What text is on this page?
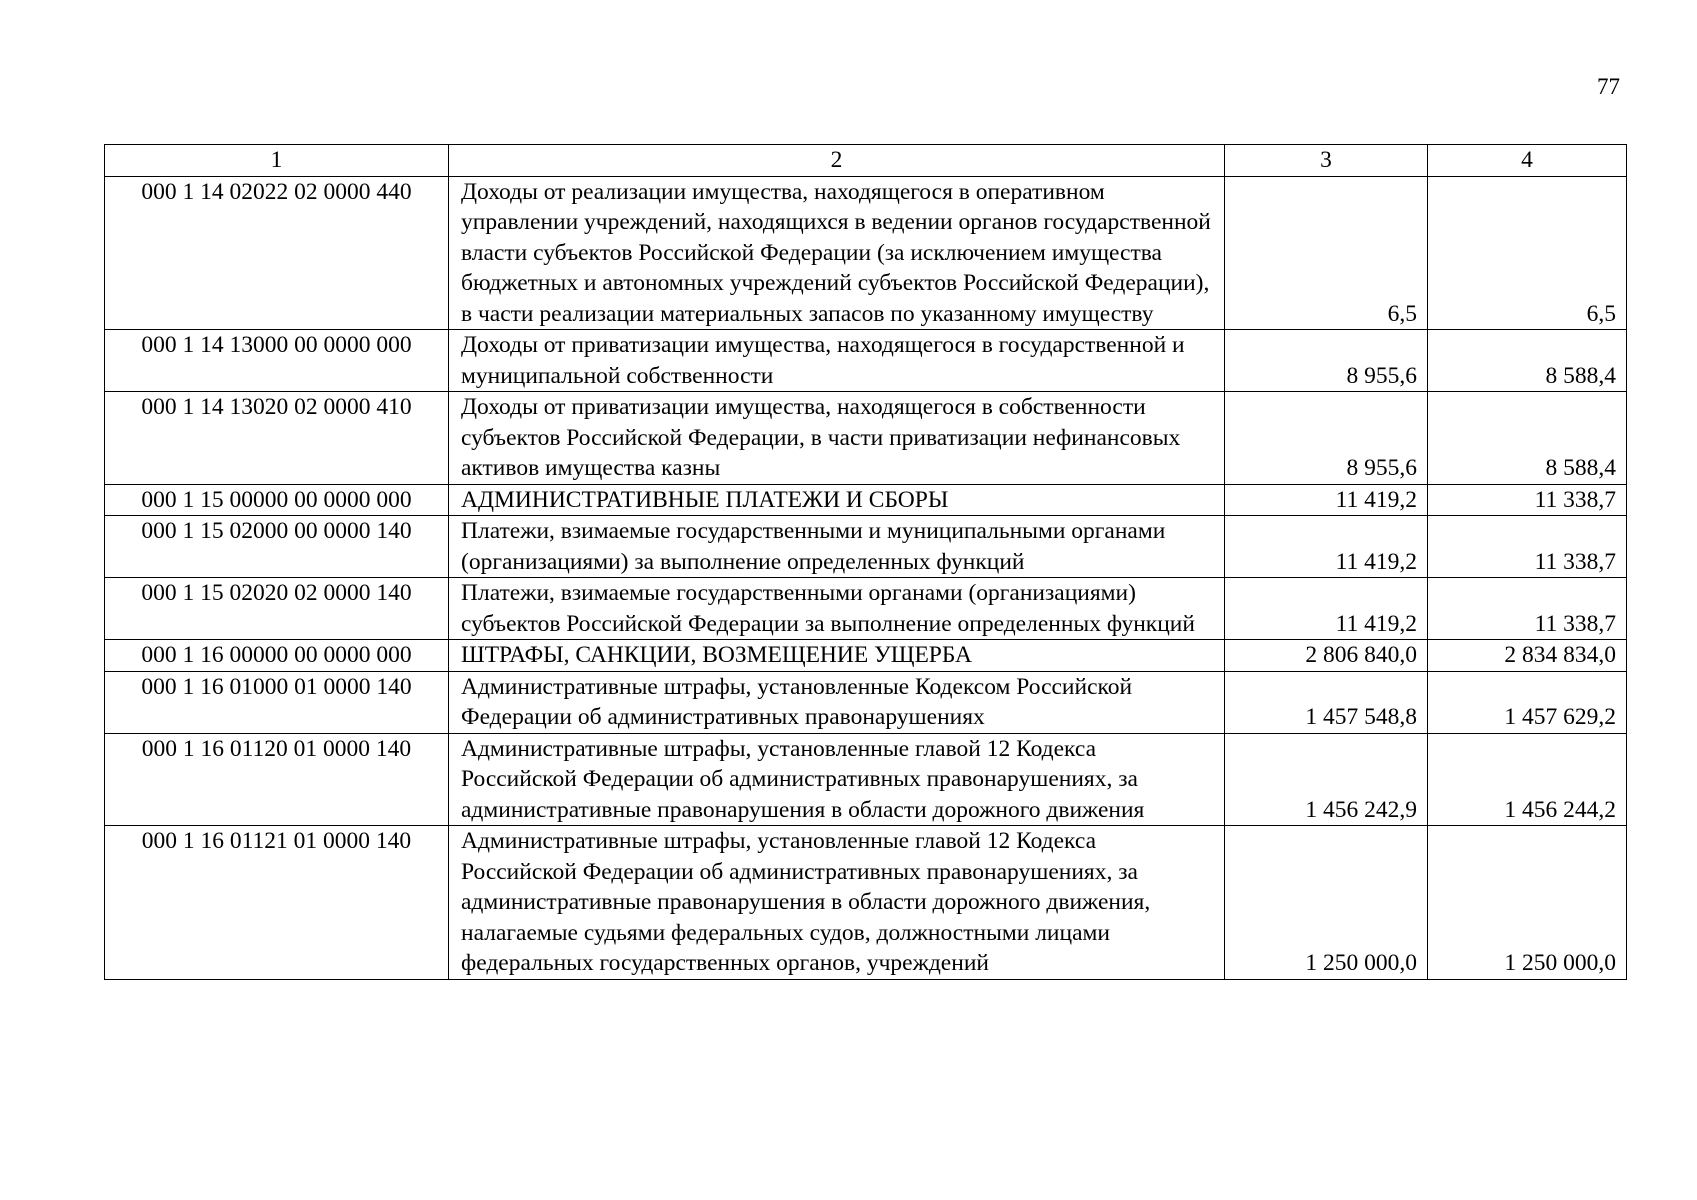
77
1	2	3	4
000 1 14 02022 02 0000 440	Доходы от реализации имущества, находящегося в оперативном управлении учреждений, находящихся в ведении органов государственной власти субъектов Российской Федерации (за исключением имущества бюджетных и автономных учреждений субъектов Российской Федерации), в части реализации материальных запасов по указанному имуществу	6,5	6,5
000 1 14 13000 00 0000 000	Доходы от приватизации имущества, находящегося в государственной и муниципальной собственности	8 955,6	8 588,4
000 1 14 13020 02 0000 410	Доходы от приватизации имущества, находящегося в собственности субъектов Российской Федерации, в части приватизации нефинансовых активов имущества казны	8 955,6	8 588,4
000 1 15 00000 00 0000 000	АДМИНИСТРАТИВНЫЕ ПЛАТЕЖИ И СБОРЫ	11 419,2	11 338,7
000 1 15 02000 00 0000 140	Платежи, взимаемые государственными и муниципальными органами (организациями) за выполнение определенных функций	11 419,2	11 338,7
000 1 15 02020 02 0000 140	Платежи, взимаемые государственными органами (организациями) субъектов Российской Федерации за выполнение определенных функций	11 419,2	11 338,7
000 1 16 00000 00 0000 000	ШТРАФЫ, САНКЦИИ, ВОЗМЕЩЕНИЕ УЩЕРБА	2 806 840,0	2 834 834,0
000 1 16 01000 01 0000 140	Административные штрафы, установленные Кодексом Российской Федерации об административных правонарушениях	1 457 548,8	1 457 629,2
000 1 16 01120 01 0000 140	Административные штрафы, установленные главой 12 Кодекса Российской Федерации об административных правонарушениях, за административные правонарушения в области дорожного движения	1 456 242,9	1 456 244,2
000 1 16 01121 01 0000 140	Административные штрафы, установленные главой 12 Кодекса Российской Федерации об административных правонарушениях, за административные правонарушения в области дорожного движения, налагаемые судьями федеральных судов, должностными лицами федеральных государственных органов, учреждений	1 250 000,0	1 250 000,0
